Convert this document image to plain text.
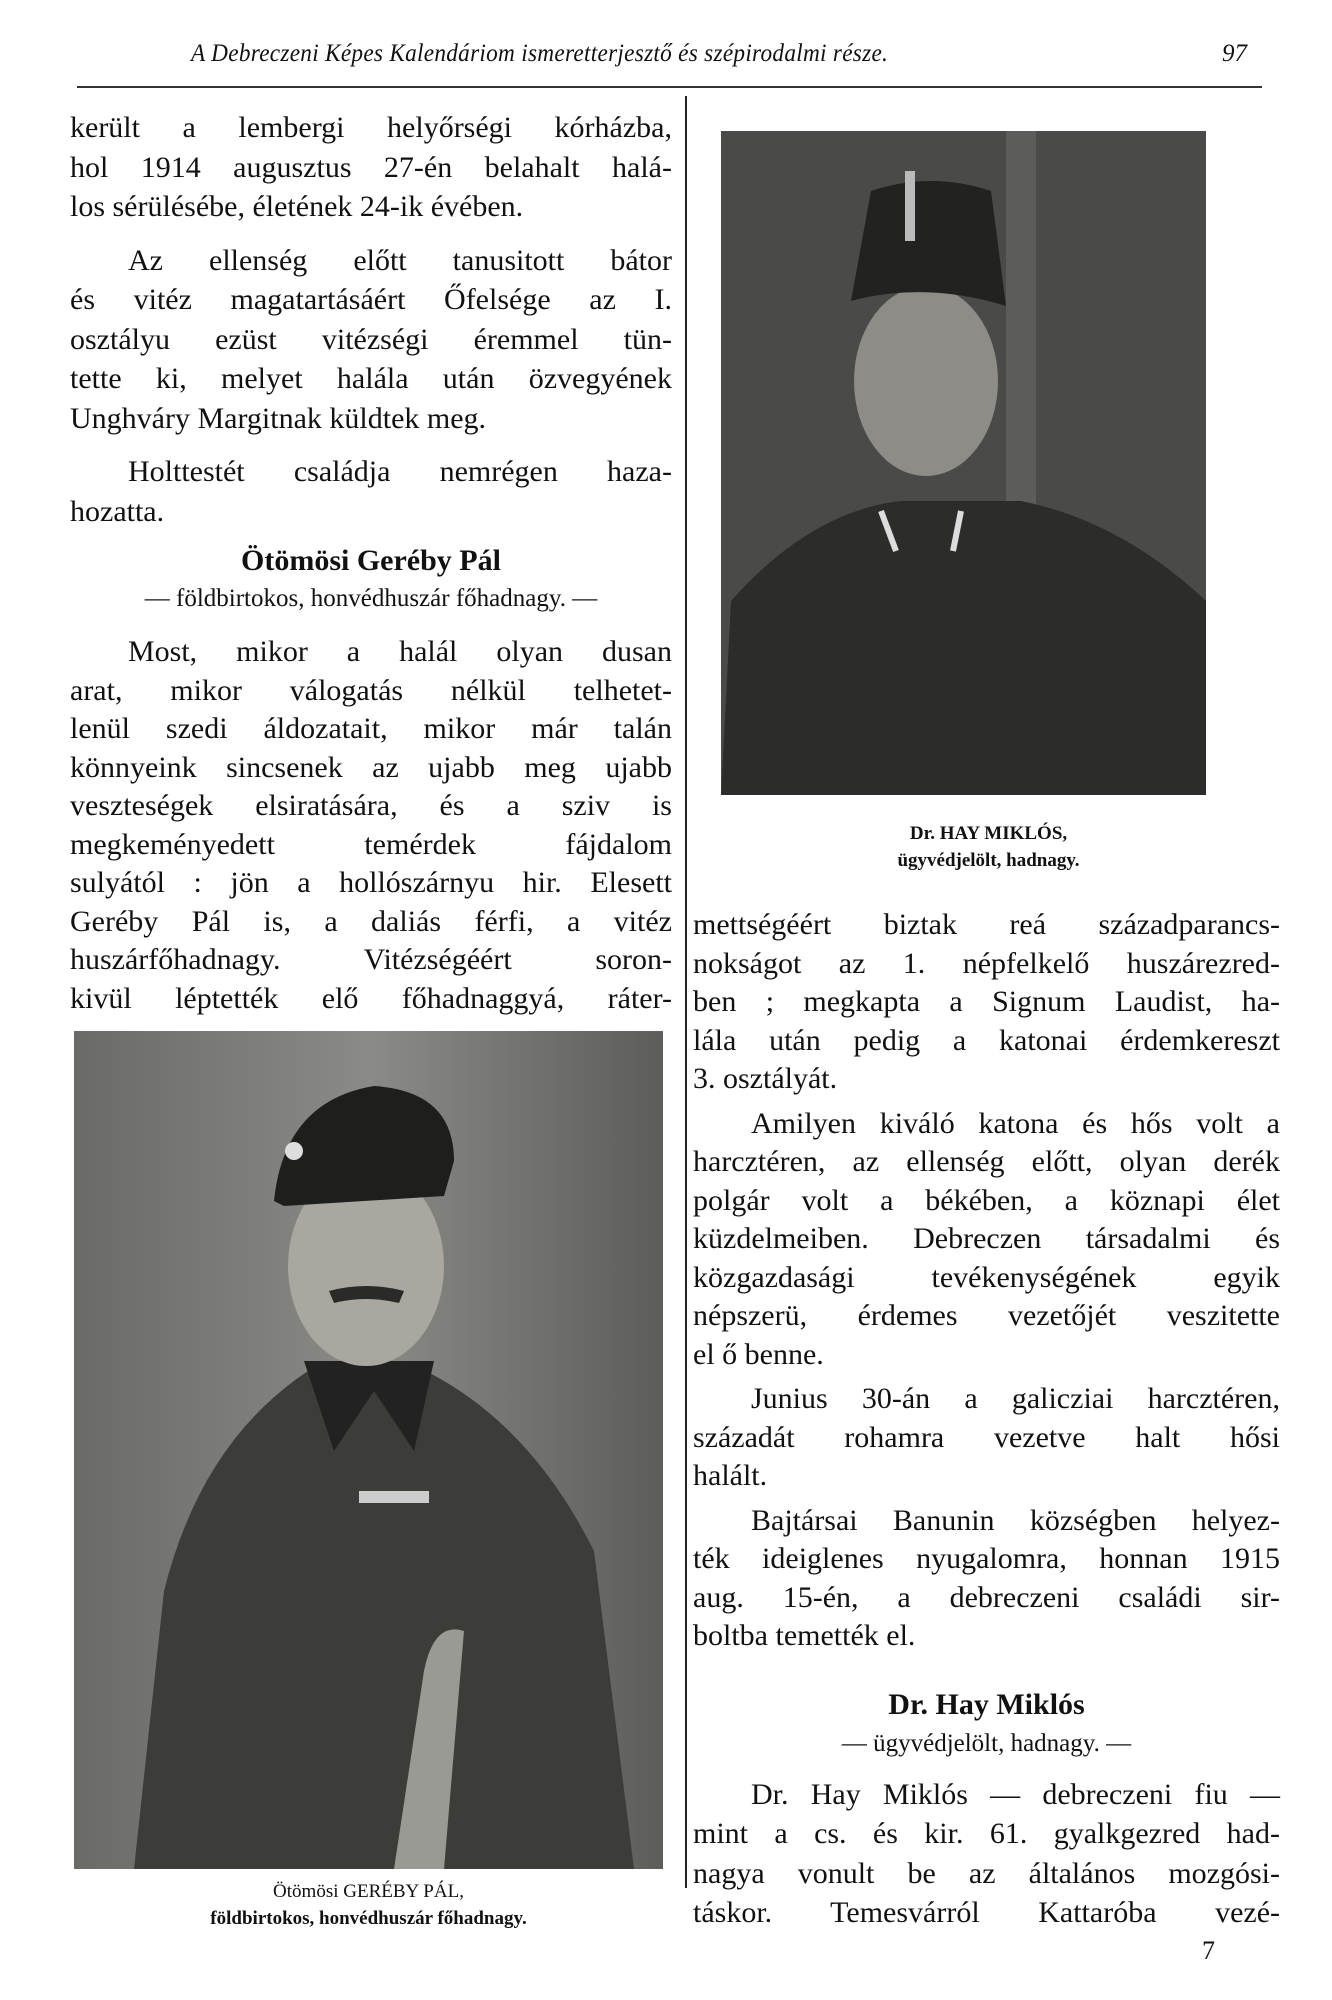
A Debreczeni Képes Kalendáriom ismeretterjesztő és szépirodalmi része.	97
került a lembergi helyőrségi kórházba,
hol 1914 augusztus 27-én belahalt halá-
los sérülésébe, életének 24-ik évében.
Az ellenség előtt tanusitott bátor
és vitéz magatartásáért Őfelsége az I.
osztályu ezüst vitézségi éremmel tün-
tette ki, melyet halála után özvegyének
Unghváry Margitnak küldtek meg.
Holttestét családja nemrégen haza-
hozatta.
Ötömösi Geréby Pál
— földbirtokos, honvédhuszár főhadnagy. —
Most, mikor a halál olyan dusan
arat, mikor válogatás nélkül telhetet-
lenül szedi áldozatait, mikor már talán
könnyeink sincsenek az ujabb meg ujabb
veszteségek elsiratására, és a sziv is
megkeményedett temérdek fájdalom
sulyától : jön a hollószárnyu hir. Elesett
Geréby Pál is, a daliás férfi, a vitéz
huszárfőhadnagy. Vitézségéért soron-
kivül léptették elő főhadnaggyá, ráter-
Ötömösi GERÉBY PÁL,
földbirtokos, honvédhuszár főhadnagy.
Dr. HAY MIKLÓS,
ügyvédjelölt, hadnagy.
mettségéért biztak reá századparancs-
nokságot az 1. népfelkelő huszárezred-
ben ; megkapta a Signum Laudist, ha-
lála után pedig a katonai érdemkereszt
3. osztályát.
Amilyen kiváló katona és hős volt a
harcztéren, az ellenség előtt, olyan derék
polgár volt a békében, a köznapi élet
küzdelmeiben. Debreczen társadalmi és
közgazdasági tevékenységének egyik
népszerü, érdemes vezetőjét veszitette
el ő benne.
Junius 30-án a galicziai harcztéren,
századát rohamra vezetve halt hősi
halált.
Bajtársai Banunin községben helyez-
ték ideiglenes nyugalomra, honnan 1915
aug. 15-én, a debreczeni családi sir-
boltba temették el.
Dr. Hay Miklós
— ügyvédjelölt, hadnagy. —
Dr. Hay Miklós — debreczeni fiu —
mint a cs. és kir. 61. gyalkgezred had-
nagya vonult be az általános mozgósi-
táskor. Temesvárról Kattaróba vezé-
7
